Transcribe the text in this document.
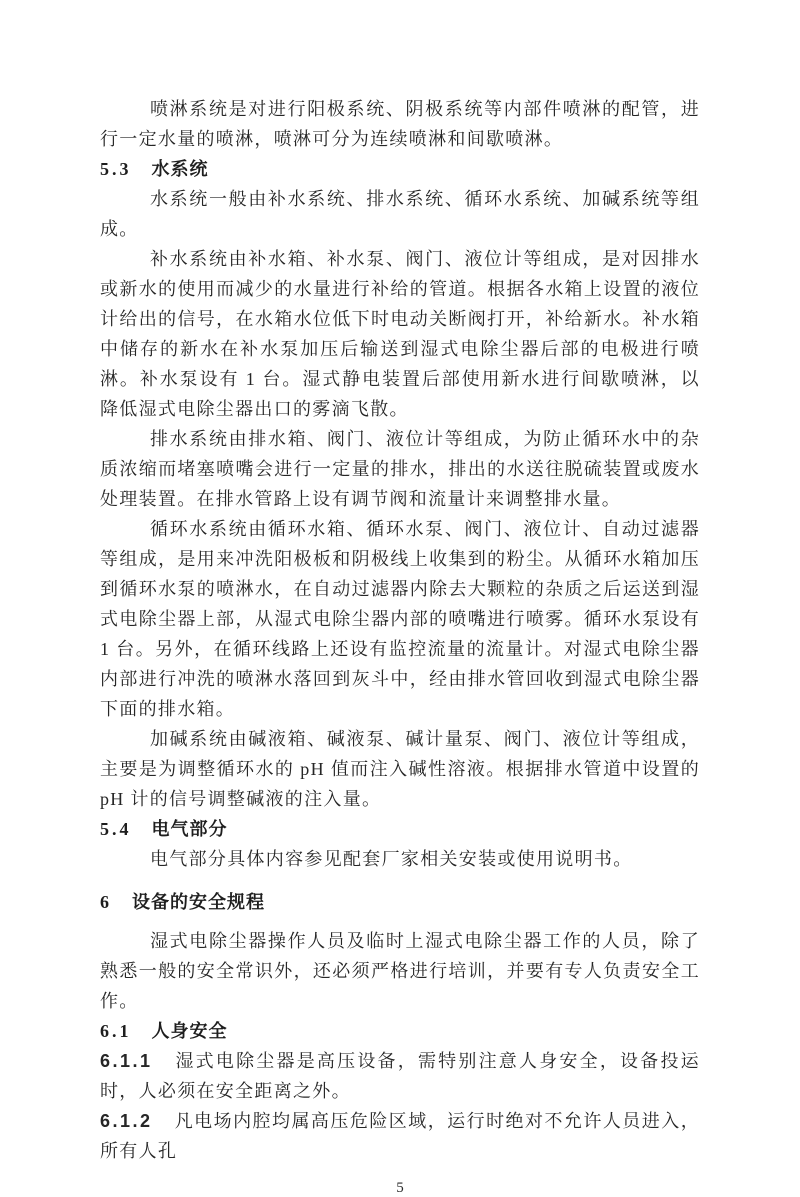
喷淋系统是对进行阳极系统、阴极系统等内部件喷淋的配管，进行一定水量的喷淋，喷淋可分为连续喷淋和间歇喷淋。

5.3 水系统

水系统一般由补水系统、排水系统、循环水系统、加碱系统等组成。

补水系统由补水箱、补水泵、阀门、液位计等组成，是对因排水或新水的使用而减少的水量进行补给的管道。根据各水箱上设置的液位计给出的信号，在水箱水位低下时电动关断阀打开，补给新水。补水箱中储存的新水在补水泵加压后输送到湿式电除尘器后部的电极进行喷淋。补水泵设有 1 台。湿式静电装置后部使用新水进行间歇喷淋，以降低湿式电除尘器出口的雾滴飞散。

排水系统由排水箱、阀门、液位计等组成，为防止循环水中的杂质浓缩而堵塞喷嘴会进行一定量的排水，排出的水送往脱硫装置或废水处理装置。在排水管路上设有调节阀和流量计来调整排水量。

循环水系统由循环水箱、循环水泵、阀门、液位计、自动过滤器等组成，是用来冲洗阳极板和阴极线上收集到的粉尘。从循环水箱加压到循环水泵的喷淋水，在自动过滤器内除去大颗粒的杂质之后运送到湿式电除尘器上部，从湿式电除尘器内部的喷嘴进行喷雾。循环水泵设有 1 台。另外，在循环线路上还设有监控流量的流量计。对湿式电除尘器内部进行冲洗的喷淋水落回到灰斗中，经由排水管回收到湿式电除尘器下面的排水箱。

加碱系统由碱液箱、碱液泵、碱计量泵、阀门、液位计等组成，主要是为调整循环水的 pH 值而注入碱性溶液。根据排水管道中设置的 pH 计的信号调整碱液的注入量。

5.4 电气部分

电气部分具体内容参见配套厂家相关安装或使用说明书。

6 设备的安全规程

湿式电除尘器操作人员及临时上湿式电除尘器工作的人员，除了熟悉一般的安全常识外，还必须严格进行培训，并要有专人负责安全工作。

6.1 人身安全

6.1.1 湿式电除尘器是高压设备，需特别注意人身安全，设备投运时，人必须在安全距离之外。

6.1.2 凡电场内腔均属高压危险区域，运行时绝对不允许人员进入，所有人孔

5
